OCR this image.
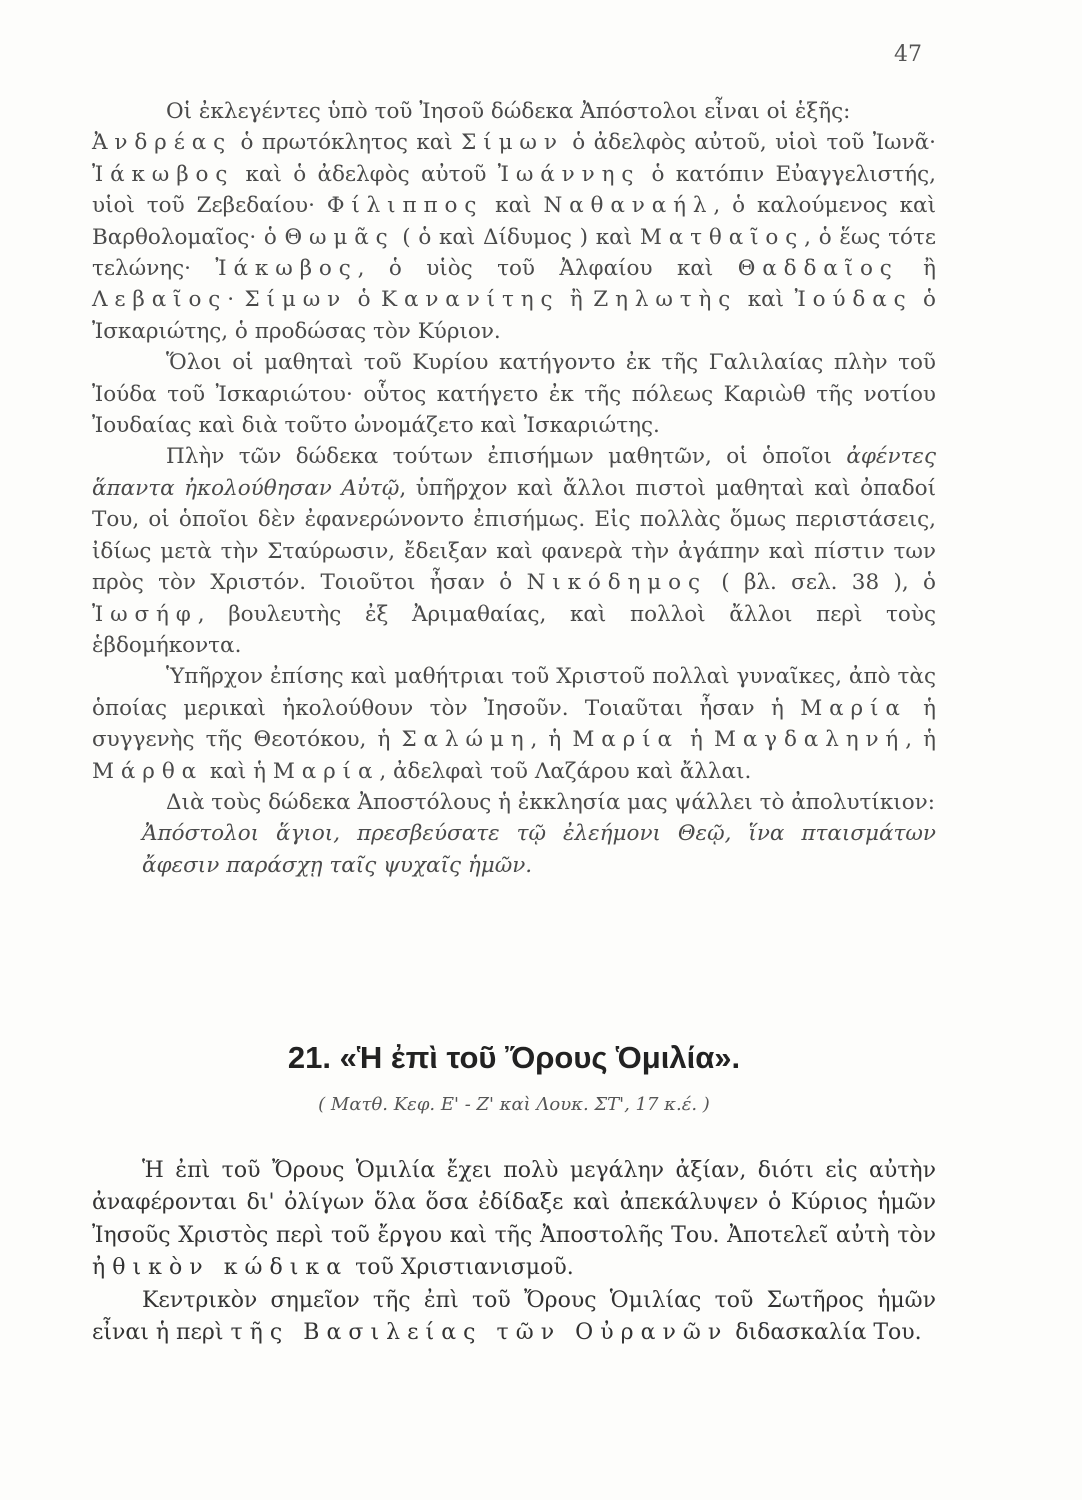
47

Οἱ ἐκλεγέντες ὑπὸ τοῦ Ἰησοῦ δώδεκα Ἀπόστολοι εἶναι οἱ ἑξῆς:
Ἀνδρέας ὁ πρωτόκλητος καὶ Σίμων ὁ ἀδελφὸς αὐτοῦ, υἱοὶ τοῦ Ἰωνᾶ· Ἰάκωβος καὶ ὁ ἀδελφὸς αὐτοῦ Ἰωάννης ὁ κατόπιν Εὐαγγελιστής, υἱοὶ τοῦ Ζεβεδαίου· Φίλιππος καὶ Ναθαναήλ, ὁ καλούμενος καὶ Βαρθολομαῖος· ὁ Θωμᾶς ( ὁ καὶ Δίδυμος ) καὶ Ματθαῖος, ὁ ἕως τότε τελώνης· Ἰάκωβος, ὁ υἱὸς τοῦ Ἀλφαίου καὶ Θαδδαῖος ἢ Λεβαῖος· Σίμων ὁ Κανανίτης ἢ Ζηλωτὴς καὶ Ἰούδας ὁ Ἰσκαριώτης, ὁ προδώσας τὸν Κύριον.

Ὅλοι οἱ μαθηταὶ τοῦ Κυρίου κατήγοντο ἐκ τῆς Γαλιλαίας πλὴν τοῦ Ἰούδα τοῦ Ἰσκαριώτου· οὗτος κατήγετο ἐκ τῆς πόλεως Καριὼθ τῆς νοτίου Ἰουδαίας καὶ διὰ τοῦτο ὠνομάζετο καὶ Ἰσκαριώτης.

Πλὴν τῶν δώδεκα τούτων ἐπισήμων μαθητῶν, οἱ ὁποῖοι ἀφέντες ἅπαντα ἠκολούθησαν Αὐτῷ, ὑπῆρχον καὶ ἄλλοι πιστοὶ μαθηταὶ καὶ ὀπαδοί Του, οἱ ὁποῖοι δὲν ἐφανερώνοντο ἐπισήμως. Εἰς πολλὰς ὅμως περιστάσεις, ἰδίως μετὰ τὴν Σταύρωσιν, ἔδειξαν καὶ φανερὰ τὴν ἀγάπην καὶ πίστιν των πρὸς τὸν Χριστόν. Τοιοῦτοι ἦσαν ὁ Νικόδημος ( βλ. σελ. 38 ), ὁ Ἰωσήφ, βουλευτὴς ἐξ Ἀριμαθαίας, καὶ πολλοὶ ἄλλοι περὶ τοὺς ἑβδομήκοντα.

Ὑπῆρχον ἐπίσης καὶ μαθήτριαι τοῦ Χριστοῦ πολλαὶ γυναῖκες, ἀπὸ τὰς ὁποίας μερικαὶ ἠκολούθουν τὸν Ἰησοῦν. Τοιαῦται ἦσαν ἡ Μαρία ἡ συγγενὴς τῆς Θεοτόκου, ἡ Σαλώμη, ἡ Μαρία ἡ Μαγδαληνή, ἡ Μάρθα καὶ ἡ Μαρία, ἀδελφαὶ τοῦ Λαζάρου καὶ ἄλλαι.

Διὰ τοὺς δώδεκα Ἀποστόλους ἡ ἐκκλησία μας ψάλλει τὸ ἀπολυτίκιον:

Ἀπόστολοι ἅγιοι, πρεσβεύσατε τῷ ἐλεήμονι Θεῷ, ἵνα πταισμάτων ἄφεσιν παράσχῃ ταῖς ψυχαῖς ἡμῶν.

21. «Ἡ ἐπὶ τοῦ Ὄρους Ὁμιλία».
( Ματθ. Κεφ. Ε' - Ζ' καὶ Λουκ. ΣΤ', 17 κ.έ. )

Ἡ ἐπὶ τοῦ Ὄρους Ὁμιλία ἔχει πολὺ μεγάλην ἀξίαν, διότι εἰς αὐτὴν ἀναφέρονται δι' ὀλίγων ὅλα ὅσα ἐδίδαξε καὶ ἀπεκάλυψεν ὁ Κύριος ἡμῶν Ἰησοῦς Χριστὸς περὶ τοῦ ἔργου καὶ τῆς Ἀποστολῆς Του. Ἀποτελεῖ αὐτὴ τὸν ἠθικὸν κώδικα τοῦ Χριστιανισμοῦ.

Κεντρικὸν σημεῖον τῆς ἐπὶ τοῦ Ὄρους Ὁμιλίας τοῦ Σωτῆρος ἡμῶν εἶναι ἡ περὶ τῆς Βασιλείας τῶν Οὐρανῶν διδασκαλία Του.
